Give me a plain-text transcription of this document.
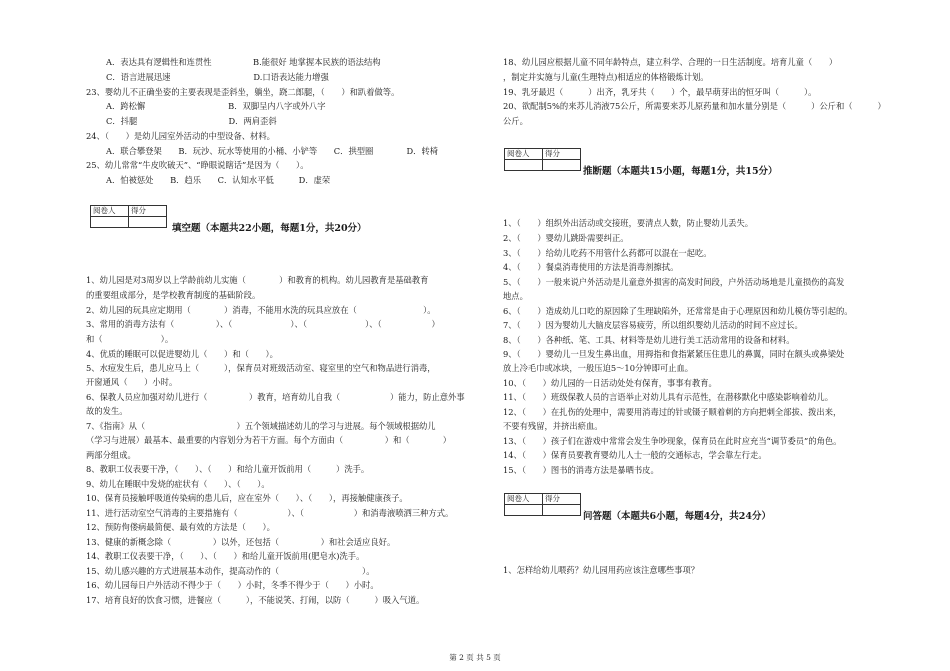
A．表达具有逻辑性和连贯性　　　　　B.能很好 地掌握本民族的语法结构
C．语言进展迅速　　　　　　　　　　D.口语表达能力增强
23、婴幼儿不正确坐姿的主要表现是歪斜坐，躺坐，跷二郎腿，（　　）和趴着做等。
A．跨松懈　　　　　　　　　　B．双脚呈内八字或外八字
C．抖腿　　　　　　　　　　　D．两肩歪斜
24、（　　）是幼儿园室外活动的中型设备、材料。
A．联合攀登架　　B．玩沙、玩水等使用的小桶、小铲等　　C．拱型圈　　　　D．转椅
25、幼儿常常“牛皮吹破天”、“睁眼说瞎话”是因为（　　）。
A．怕被惩处　　B．趋乐　　C．认知水平低　　　D．虚荣
阅卷人	得分

填空题（本题共22小题，每题1分，共20分）
1、幼儿园是对3周岁以上学龄前幼儿实施（　　　　）和教育的机构。幼儿园教育是基础教育
的重要组成部分，是学校教育制度的基础阶段。
2、幼儿园的玩具应定期用（　　　　）消毒，不能用水洗的玩具应放在（　　　　　　　　）。
3、常用的消毒方法有（　　　　　）、（　　　　　　　）、（　　　　　　　）、（　　　　　　）
和（　　　　　　　）。
4、优质的睡眠可以促进婴幼儿（　　）和（　　）。
5、水痘发生后，患儿应马上（　　　），保育员对班级活动室、寝室里的空气和物品进行消毒，
开窗通风（　　）小时。
6、保教人员应加强对幼儿进行（　　　　　）教育，培育幼儿自我（　　　　　　）能力，防止意外事
故的发生。
7、《指南》从（　　　　　　　　　　　）五个领域描述幼儿的学习与进展。每个领域根据幼儿
（学习与进展）最基本、最重要的内容划分为若干方面。每个方面由（　　　　　）和（　　　　）
两部分组成。
8、教职工仪表要干净，（　　）、（　　）和给儿童开饭前用（　　　）洗手。
9、幼儿在睡眠中发烧的症状有（　　）、（　　）。
10、保育员接触呼吸道传染病的患儿后，应在室外（　　）、（　　），再接触健康孩子。
11、进行活动室空气消毒的主要措施有（　　　　　　）、（　　　　　　）和消毒液喷洒三种方式。
12、预防佝偻病最简便、最有效的方法是（　　）。
13、健康的新概念除（　　　　　）以外，还包括（　　　　　）和社会适应良好。
14、教职工仪表要干净，（　　）、（　　）和给儿童开饭前用(肥皂水)洗手。
15、幼儿感兴趣的方式进展基本动作，提高动作的（　　　　　　　　　　）。
16、幼儿园每日户外活动不得少于（　　）小时，冬季不得少于（　　）小时。
17、培育良好的饮食习惯，进餐应（　　　），不能说笑、打闹，以防（　　　）吸入气道。
18、幼儿园应根据儿童不同年龄特点，建立科学、合理的一日生活制度。培育儿童（　　）
，制定并实施与儿童(生理特点)相适应的体格锻炼计划。
19、乳牙最迟（　　　）出齐，乳牙共（　　）个，最早萌芽出的恒牙叫（　　　）。
20、欲配制5%的来苏儿消液75公斤，所需要来苏儿原药量和加水量分别是（　　　）公斤和（　　　）
公斤。
阅卷人	得分

推断题（本题共15小题，每题1分，共15分）
1、（　　）组织外出活动或交接班，要清点人数，防止婴幼儿丢失。
2、（　　）婴幼儿跳卧需要纠正。
3、（　　）给幼儿吃药不用管什么药都可以混在一起吃。
4、（　　）餐桌消毒使用的方法是消毒剂擦拭。
5、（　　）一般来说户外活动是儿童意外损害的高发时间段，户外活动场地是儿童损伤的高发
地点。
6、（　　）造成幼儿口吃的原因除了生理缺陷外，还常常是由于心理原因和幼儿模仿等引起的。
7、（　　）因为婴幼儿大脑皮层容易疲劳，所以组织婴幼儿活动的时间不应过长。
8、（　　）各种纸、笔、工具、材料等是幼儿进行美工活动常用的设备和材料。
9、（　　）婴幼儿一旦发生鼻出血，用拇指和食指紧紧压住患儿的鼻翼，同时在额头或鼻梁处
放上冷毛巾或冰块，一般压迫5～10分钟即可止血。
10、（　　）幼儿园的一日活动处处有保育，事事有教育。
11、（　　）班级保教人员的言语举止对幼儿具有示范性，在潜移默化中感染影响着幼儿。
12、（　　）在扎伤的处理中，需要用消毒过的针或镊子顺着刺的方向把刺全部拔、拨出来，
不要有残留，并挤出瘀血。
13、（　　）孩子们在游戏中常常会发生争吵现象，保育员在此时应充当“调节委员”的角色。
14、（　　）保育员要教育婴幼儿人士一般的交通标志，学会靠左行走。
15、（　　）图书的消毒方法是暴晒书皮。
阅卷人	得分

问答题（本题共6小题，每题4分，共24分）
1、怎样给幼儿喂药？幼儿园用药应该注意哪些事项？
第 2 页 共 5 页
